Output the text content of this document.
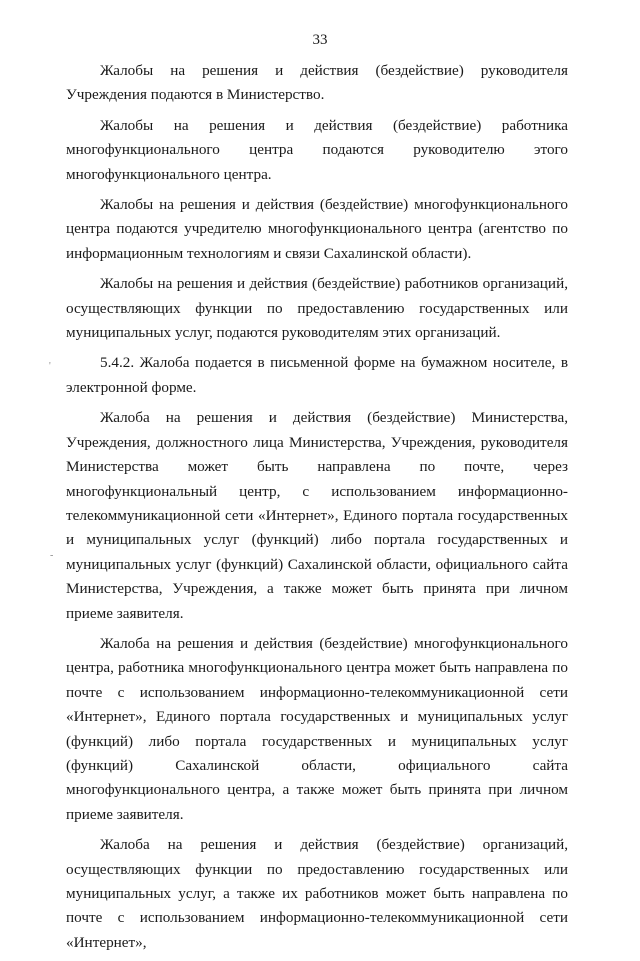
33

Жалобы на решения и действия (бездействие) руководителя Учреждения подаются в Министерство.

Жалобы на решения и действия (бездействие) работника многофункционального центра подаются руководителю этого многофункционального центра.

Жалобы на решения и действия (бездействие) многофункционального центра подаются учредителю многофункционального центра (агентство по информационным технологиям и связи Сахалинской области).

Жалобы на решения и действия (бездействие) работников организаций, осуществляющих функции по предоставлению государственных или муниципальных услуг, подаются руководителям этих организаций.

5.4.2. Жалоба подается в письменной форме на бумажном носителе, в электронной форме.

Жалоба на решения и действия (бездействие) Министерства, Учреждения, должностного лица Министерства, Учреждения, руководителя Министерства может быть направлена по почте, через многофункциональный центр, с использованием информационно-телекоммуникационной сети «Интернет», Единого портала государственных и муниципальных услуг (функций) либо портала государственных и муниципальных услуг (функций) Сахалинской области, официального сайта Министерства, Учреждения, а также может быть принята при личном приеме заявителя.

Жалоба на решения и действия (бездействие) многофункционального центра, работника многофункционального центра может быть направлена по почте с использованием информационно-телекоммуникационной сети «Интернет», Единого портала государственных и муниципальных услуг (функций) либо портала государственных и муниципальных услуг (функций) Сахалинской области, официального сайта многофункционального центра, а также может быть принята при личном приеме заявителя.

Жалоба на решения и действия (бездействие) организаций, осуществляющих функции по предоставлению государственных или муниципальных услуг, а также их работников может быть направлена по почте с использованием информационно-телекоммуникационной сети «Интернет»,

'
-
